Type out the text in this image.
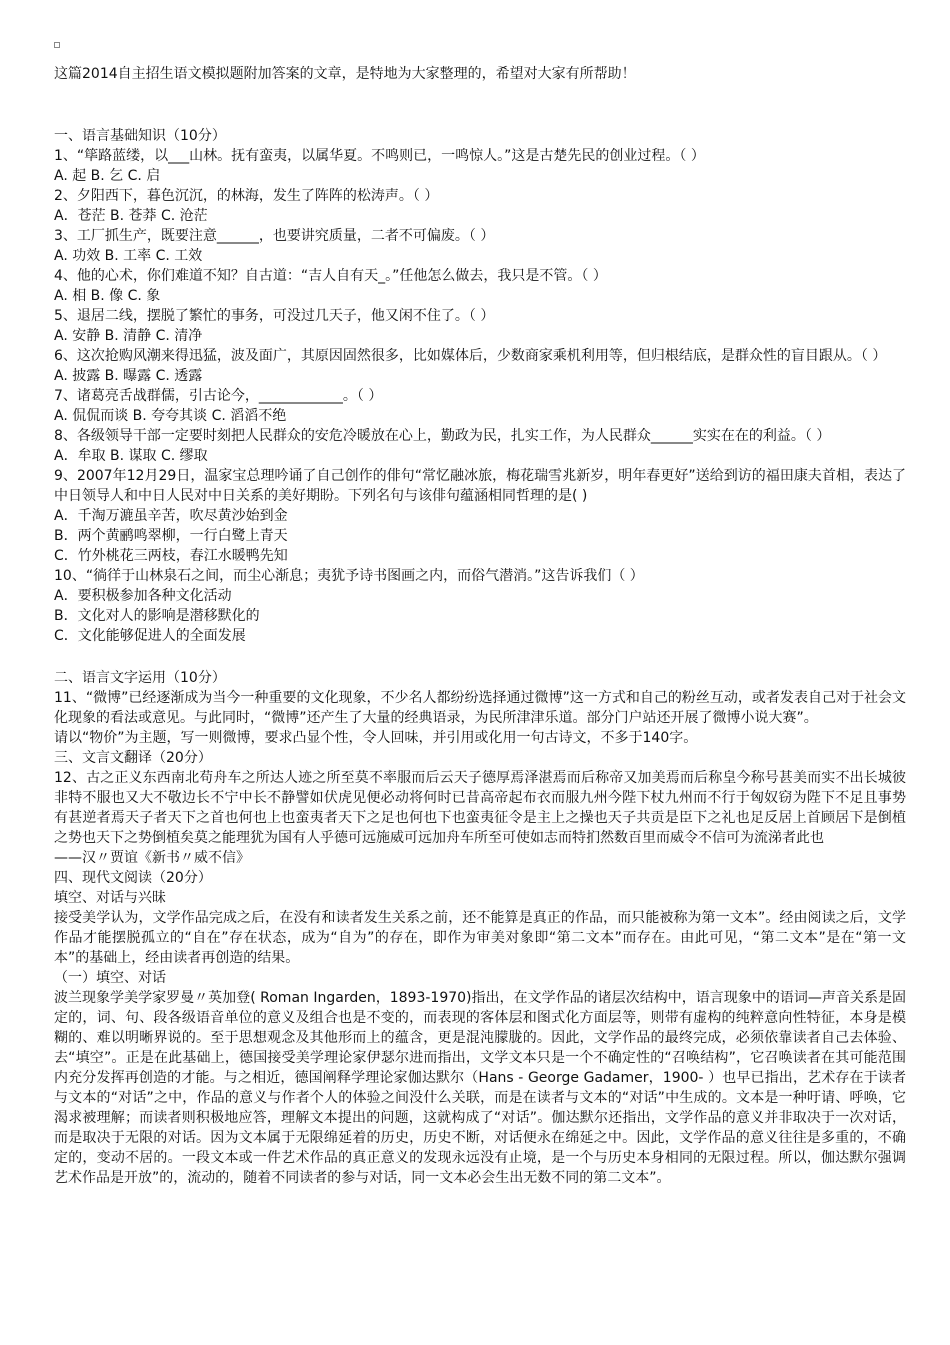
这篇2014自主招生语文模拟题附加答案的文章，是特地为大家整理的，希望对大家有所帮助！
一、语言基础知识（10分）
1、“筚路蓝缕，以___山林。抚有蛮夷，以属华夏。不鸣则已，一鸣惊人。”这是古楚先民的创业过程。（ ）
A. 起 B. 乞 C. 启
2、夕阳西下，暮色沉沉，的林海，发生了阵阵的松涛声。（ ）
A．苍茫 B. 苍莽 C. 沧茫
3、工厂抓生产，既要注意______，也要讲究质量，二者不可偏废。（ ）
A. 功效 B. 工率 C. 工效
4、他的心术，你们难道不知？自古道：“吉人自有天_。”任他怎么做去，我只是不管。（ ）
A. 相 B. 像 C. 象
5、退居二线，摆脱了繁忙的事务，可没过几天子，他又闲不住了。（ ）
A. 安静 B. 清静 C. 清净
6、这次抢购风潮来得迅猛，波及面广，其原因固然很多，比如媒体后，少数商家乘机利用等，但归根结底，是群众性的盲目跟从。（ ）
A. 披露 B. 曝露 C. 透露
7、诸葛亮舌战群儒，引古论今，____________。（ ）
A. 侃侃而谈 B. 夸夸其谈 C. 滔滔不绝
8、各级领导干部一定要时刻把人民群众的安危冷暖放在心上，勤政为民，扎实工作，为人民群众______实实在在的利益。（ ）
A．牟取 B. 谋取 C. 缪取
9、2007年12月29日，温家宝总理吟诵了自己创作的俳句“常忆融冰旅，梅花瑞雪兆新岁，明年春更好”送给到访的福田康夫首相，表达了中日领导人和中日人民对中日关系的美好期盼。下列名句与该俳句蕴涵相同哲理的是( )
A．千淘万漉虽辛苦，吹尽黄沙始到金
B．两个黄鹂鸣翠柳，一行白鹭上青天
C．竹外桃花三两枝，春江水暖鸭先知
10、“徜徉于山林泉石之间，而尘心渐息；夷犹予诗书图画之内，而俗气潜消。”这告诉我们（ ）
A．要积极参加各种文化活动
B．文化对人的影响是潜移默化的
C．文化能够促进人的全面发展
二、语言文字运用（10分）
11、“微博”已经逐渐成为当今一种重要的文化现象，不少名人都纷纷选择通过微博”这一方式和自己的粉丝互动，或者发表自己对于社会文化现象的看法或意见。与此同时，“微博”还产生了大量的经典语录，为民所津津乐道。部分门户站还开展了微博小说大赛”。
请以“物价”为主题，写一则微博，要求凸显个性，令人回味，并引用或化用一句古诗文，不多于140字。
三、文言文翻译（20分）
12、古之正义东西南北苟舟车之所达人迹之所至莫不率服而后云天子德厚焉泽湛焉而后称帝又加美焉而后称皇今称号甚美而实不出长城彼非特不服也又大不敬边长不宁中长不静譬如伏虎见便必动将何时已昔高帝起布衣而服九州今陛下杖九州而不行于匈奴窃为陛下不足且事势有甚逆者焉天子者天下之首也何也上也蛮夷者天下之足也何也下也蛮夷征令是主上之操也天子共贡是臣下之礼也足反居上首顾居下是倒植之势也天下之势倒植矣莫之能理犹为国有人乎德可远施威可远加舟车所至可使如志而特扪然数百里而威令不信可为流涕者此也
——汉〃贾谊《新书〃威不信》
四、现代文阅读（20分）
填空、对话与兴昧
接受美学认为，文学作品完成之后，在没有和读者发生关系之前，还不能算是真正的作品，而只能被称为第一文本”。经由阅读之后，文学作品才能摆脱孤立的“自在”存在状态，成为“自为”的存在，即作为审美对象即“第二文本”而存在。由此可见，“第二文本”是在“第一文本”的基础上，经由读者再创造的结果。
（一）填空、对话
波兰现象学美学家罗曼〃英加登( Roman Ingarden，1893-1970)指出，在文学作品的诸层次结构中，语言现象中的语词—声音关系是固定的，词、句、段各级语音单位的意义及组合也是不变的，而表现的客体层和图式化方面层等，则带有虚构的纯粹意向性特征，本身是模糊的、难以明晰界说的。至于思想观念及其他形而上的蕴含，更是混沌朦胧的。因此，文学作品的最终完成，必须依靠读者自己去体验、去“填空”。正是在此基础上，德国接受美学理论家伊瑟尔进而指出，文学文本只是一个不确定性的“召唤结构”，它召唤读者在其可能范围内充分发挥再创造的才能。与之相近，德国阐释学理论家伽达默尔（Hans - George Gadamer，1900- ）也早已指出，艺术存在于读者与文本的“对话”之中，作品的意义与作者个人的体验之间没什么关联，而是在读者与文本的“对话”中生成的。文本是一种吁请、呼唤，它渴求被理解；而读者则积极地应答，理解文本提出的问题，这就构成了“对话”。伽达默尔还指出，文学作品的意义并非取决于一次对话，而是取决于无限的对话。因为文本属于无限绵延着的历史，历史不断，对话便永在绵延之中。因此，文学作品的意义往往是多重的，不确定的，变动不居的。一段文本或一件艺术作品的真正意义的发现永远没有止境，是一个与历史本身相同的无限过程。所以，伽达默尔强调艺术作品是开放”的，流动的，随着不同读者的参与对话，同一文本必会生出无数不同的第二文本”。
